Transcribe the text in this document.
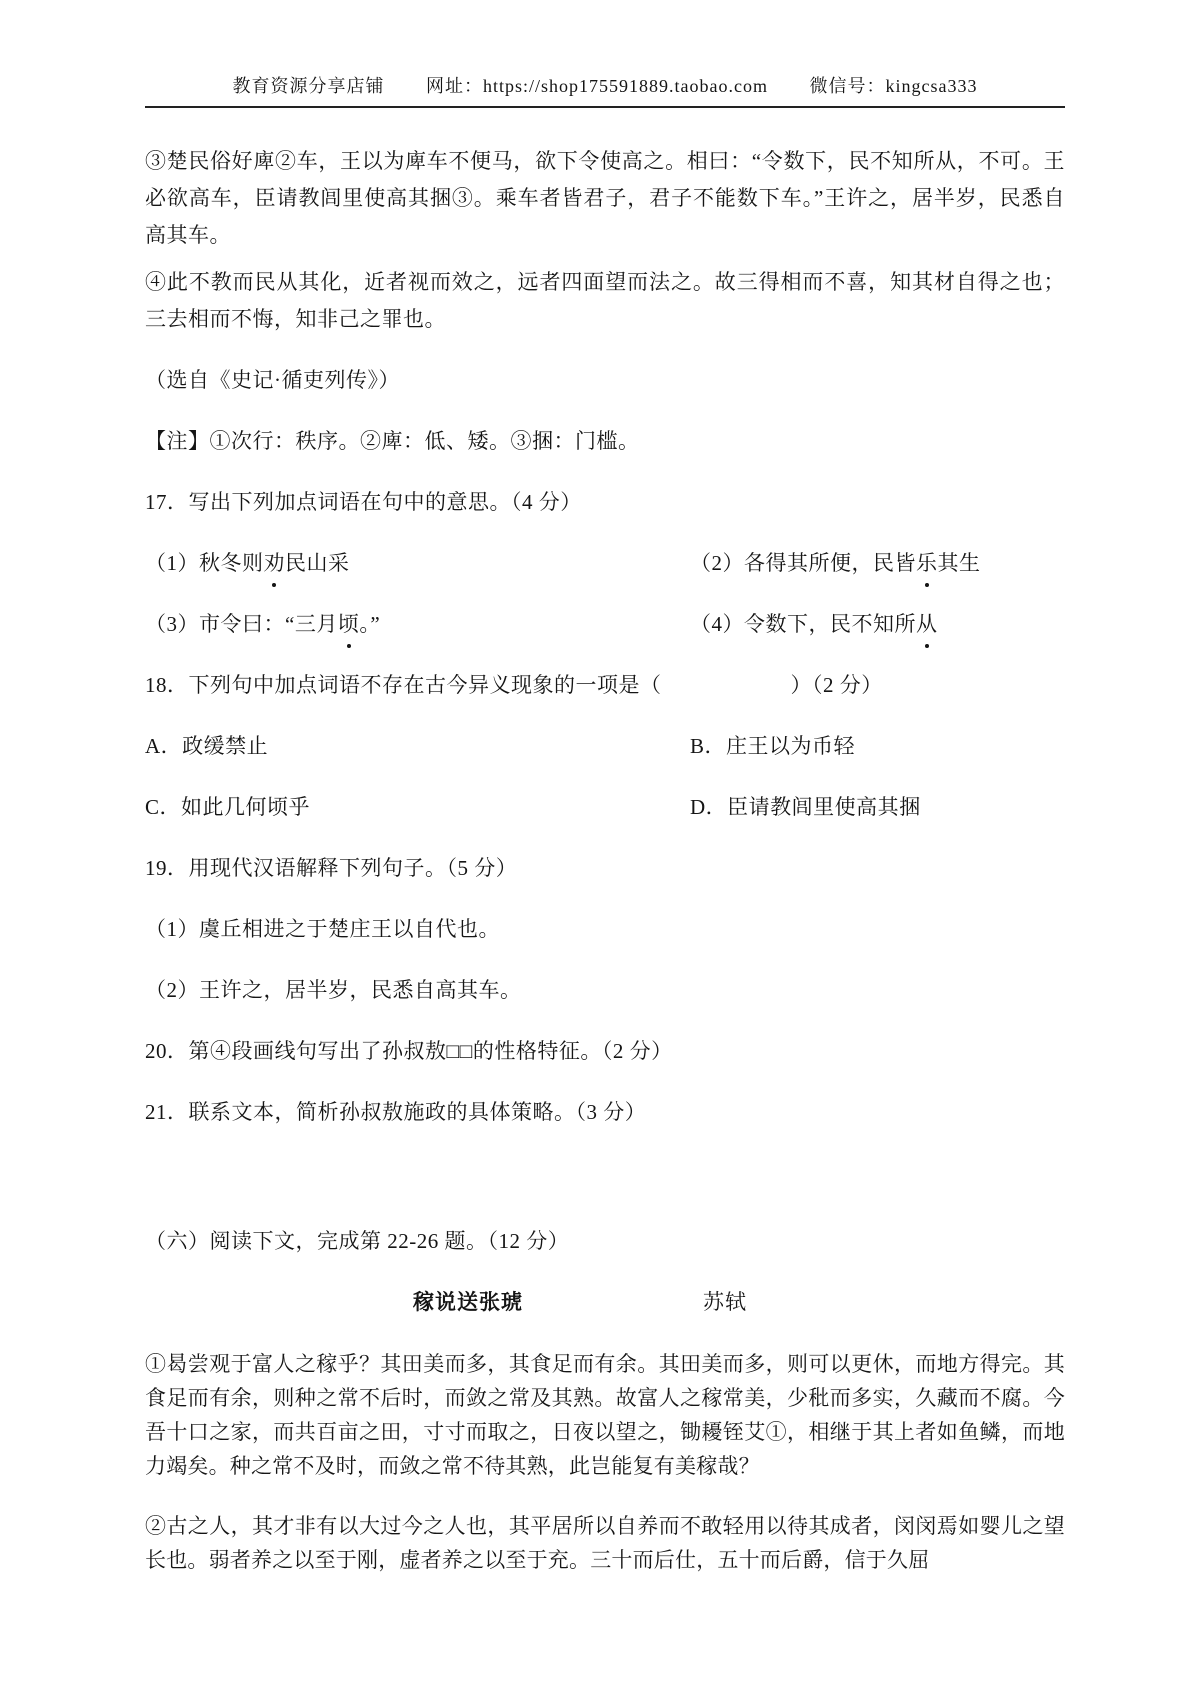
教育资源分享店铺 网址：https://shop175591889.taobao.com 微信号：kingcsa333
③楚民俗好庳②车，王以为庳车不便马，欲下令使高之。相曰：“令数下，民不知所从，不可。王必欲高车，臣请教闾里使高其捆③。乘车者皆君子，君子不能数下车。”王许之，居半岁，民悉自高其车。
④此不教而民从其化，近者视而效之，远者四面望而法之。故三得相而不喜，知其材自得之也；三去相而不悔，知非己之罪也。
（选自《史记·循吏列传》）
【注】①次行：秩序。②庳：低、矮。③捆：门槛。
17．写出下列加点词语在句中的意思。（4 分）
（1）秋冬则劝民山采	（2）各得其所便，民皆乐其生
（3）市令曰：“三月顷。”	（4）令数下，民不知所从
18．下列句中加点词语不存在古今异义现象的一项是（　　　　　　）（2 分）
A．政缓禁止	B．庄王以为币轻
C．如此几何顷乎	D．臣请教闾里使高其捆
19．用现代汉语解释下列句子。（5 分）
（1）虞丘相进之于楚庄王以自代也。
（2）王许之，居半岁，民悉自高其车。
20．第④段画线句写出了孙叔敖□□的性格特征。（2 分）
21．联系文本，简析孙叔敖施政的具体策略。（3 分）
（六）阅读下文，完成第 22-26 题。（12 分）
稼说送张琥	苏轼
①曷尝观于富人之稼乎？其田美而多，其食足而有余。其田美而多，则可以更休，而地方得完。其食足而有余，则种之常不后时，而敛之常及其熟。故富人之稼常美，少秕而多实，久藏而不腐。今吾十口之家，而共百亩之田，寸寸而取之，日夜以望之，锄耰铚艾①，相继于其上者如鱼鳞，而地力竭矣。种之常不及时，而敛之常不待其熟，此岂能复有美稼哉？
②古之人，其才非有以大过今之人也，其平居所以自养而不敢轻用以待其成者，闵闵焉如婴儿之望长也。弱者养之以至于刚，虚者养之以至于充。三十而后仕，五十而后爵，信于久屈
